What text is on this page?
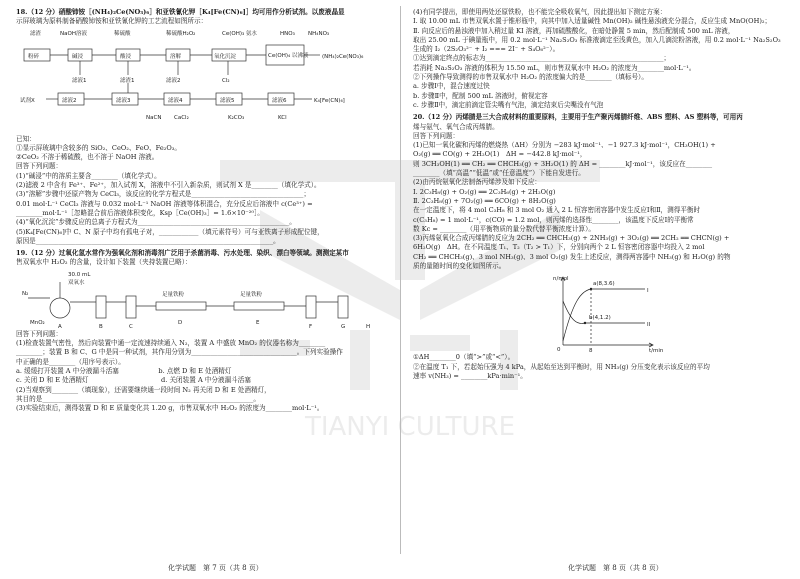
TIANYI CULTURE

18.（12 分）硝酸铈铵［(NH₄)₂Ce(NO₃)₆］和亚铁氰化钾［K₄[Fe(CN)₆]］均可用作分析试剂。以废液晶显

示屏玻璃为原料制备硝酸铈铵和亚铁氰化钾的工艺流程如图所示：

滤渣	NaOH溶液	稀硫酸	稀硫酸H₂O₂	Ce(OH)₃ 氨水	HNO₃ NH₄NO₃
粉碎	碱浸	酸浸	溶解	氧化沉淀	Ce(OH)₄ 以沸液 (NH₄)₂Ce(NO₃)₆
滤液1	滤渣1	滤液2	Cl₂
试剂X	滤液2	滤液3	滤液4	滤液5	滤液6	K₄[Fe(CN)₆]
NaCN CaCl₂	K₂CO₃	KCl

已知：

①显示屏玻璃中含较多的 SiO₂、CeO₂、FeO、Fe₂O₃。

②CeO₂ 不溶于稀硫酸，也不溶于 NaOH 溶液。

回答下列问题：

(1)“碱浸”中的溶质主要含________（填化学式）。

(2)滤液 2 中含有 Fe³⁺、Fe²⁺，加入试剂 X，溶液中不引入新杂质，则试剂 X 是________（填化学式）。

(3)“溶解”步骤中还原产物为 CeCl₃，该反应的化学方程式是__________________________________；

0.01 mol·L⁻¹ CeCl₃ 溶液与 0.032 mol·L⁻¹ NaOH 溶液等体积混合，充分反应后溶液中 c(Ce³⁺) =

________mol·L⁻¹［忽略混合前后溶液体积变化，Ksp［Ce(OH)₃］= 1.6×10⁻²⁰］。

(4)“氧化沉淀”步骤反应的总离子方程式为______________________________________________。

(5)K₄[Fe(CN)₆]中 C、N 原子中均有孤电子对，____________（填元素符号）可与亚铁离子形成配位键，

原因是________________________________________________________________________。

19.（12 分）过氧化氢水常作为强氧化剂和消毒剂广泛用于杀菌消毒、污水处理、染织、漂白等领域。测测定某市

售双氧水中 H₂O₂ 的含量，设计如下装置（夹持装置已略）：

N₂
30.0 mL
双氧水
MnO₂
A	B	C
D
足量铁粉	足量铁粉
E
F	G	H

回答下列问题：

(1)检查装置气密性，然后向装置中通一定流速持续通入 N₂，装置 A 中盛放 MnO₂ 的仪器名称为________

________；装置 B 和 C、G 中是同一种试剂，其作用分别为________________________________。下列实验操作

中正确的是________（用序号表示）。

a. 缓缓打开装置 A 中分液漏斗活塞　　　　　　b. 点燃 D 和 E 处酒精灯

c. 关闭 D 和 E 处酒精灯　　　　　　　　　　　d. 关闭装置 A 中分液漏斗活塞

(2)当观察到________（填现象），还需要继续通一段时间 N₂ 再关闭 D 和 E 处酒精灯，

其目的是________________________________________________________________。

(3)实验结束后，测得装置 D 和 E 质量变化共 1.20 g，市售双氧水中 H₂O₂ 的浓度为________mol·L⁻¹。

化学试题　第 7 页（共 8 页）

(4)有同学提出，即使用两处还原铁粉，也不能完全吸收氧气，因此提出如下测定方案：

Ⅰ. 取 10.00 mL 市售双氧水置于锥形瓶中，向其中加入适量碱性 Mn(OH)₂ 碱性悬浊液充分混合，反应生成 MnO(OH)₂；

Ⅱ. 向反应后的悬浊液中加入稍过量 KI 溶液，再加硫酸酸化，在暗处静置 5 min，然后配制成 500 mL 溶液，

取出 25.00 mL 于碘量瓶中，用 0.2 mol·L⁻¹ Na₂S₂O₃ 标准液滴定至浅黄色，加入几滴淀粉溶液，用 0.2 mol·L⁻¹ Na₂S₂O₃

生成的 I₂（2S₂O₃²⁻ + I₂ === 2I⁻ + S₄O₆²⁻）。

①达到滴定终点的标志为______________________________________________________；

若消耗 Na₂S₂O₃ 溶液的体积为 15.50 mL，则市售双氧水中 H₂O₂ 的浓度为________mol·L⁻¹。

②下列操作导致测得的市售双氧水中 H₂O₂ 的浓度偏大的是________（填标号）。

a. 步骤Ⅰ中，混合速度过快

b. 步骤Ⅱ中，配制 500 mL 溶液时，俯视定容

c. 步骤Ⅱ中，滴定前滴定管尖嘴有气泡，滴定结束后尖嘴没有气泡

20.（12 分）丙烯腈是三大合成材料的重要原料，主要用于生产聚丙烯腈纤维、ABS 塑料、AS 塑料等，可用丙

烯与氨气、氧气合成丙烯腈。

回答下列问题：

(1)已知一氧化碳和丙烯的燃烧热（ΔH）分别为 −283 kJ·mol⁻¹、−1 927.3 kJ·mol⁻¹，CH₃OH(1) +

O₂(g) ══ CO(g) + 2H₂O(1)　ΔH = −442.8 kJ·mol⁻¹，

则 3CH₃OH(1) ══ CH₂ ══ CHCH₃(g) + 3H₂O(1) 的 ΔH = ________kJ·mol⁻¹，该反应在________

________（填“高温”“低温”或“任意温度”）下能自发进行。

(2)由丙烷氨氧化法制备丙烯涉及如下反应：

Ⅰ. 2C₃H₈(g) + O₂(g) ══ 2C₃H₆(g) + 2H₂O(g)

Ⅱ. 2C₃H₈(g) + 7O₂(g) ══ 6CO(g) + 8H₂O(g)

在一定温度下，将 4 mol C₃H₈ 和 3 mol O₂ 通入 2 L 恒容密闭容器中发生反应Ⅰ和Ⅱ，测得平衡时

c(C₃H₈) = 1 mol·L⁻¹，c(CO) = 1.2 mol，则丙烯的选择性________，该温度下反应Ⅰ的平衡常

数 Kc = ________（用平衡物质的量分数代替平衡浓度计算）。

(3)丙烯氨氧化合成丙烯腈的反应为 2CH₂ ══ CHCH₃(g) + 2NH₃(g) + 3O₂(g) ══ 2CH₂ ══ CHCN(g) +

6H₂O(g)　ΔH。在不同温度 T₁、T₂（T₂ > T₁）下，分别向两个 2 L 恒容密闭容器中均投入 2 mol

CH₂ ══ CHCH₃(g)、3 mol NH₃(g)、3 mol O₂(g) 发生上述反应，测得两容器中 NH₃(g) 和 H₂O(g) 的物

质的量随时间的变化如图所示。

n/mol
t/min
0	8
a(8,3.6)
b(4,1.2)
I
II

①ΔH________0（填“>”或“<”）。

②在温度 T₁ 下，若起始压强为 4 kPa，从起始至达到平衡时，用 NH₃(g) 分压变化表示该反应的平均

速率 v(NH₃) = ________kPa·min⁻¹。

化学试题　第 8 页（共 8 页）
